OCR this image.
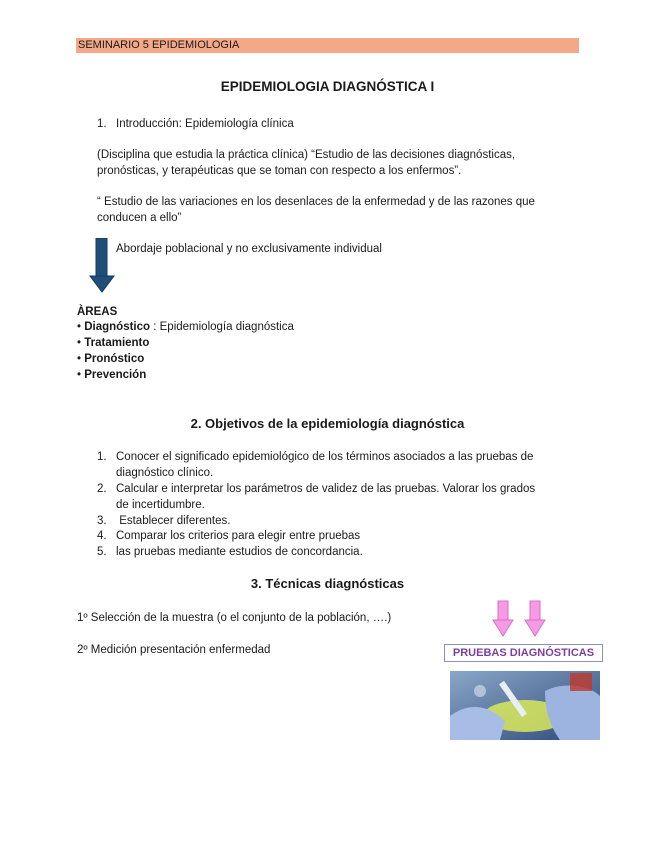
SEMINARIO 5 EPIDEMIOLOGIA
EPIDEMIOLOGIA DIAGNÓSTICA I
1. Introducción: Epidemiología clínica
(Disciplina que estudia la práctica clínica) “Estudio de las decisiones diagnósticas,
pronósticas, y terapéuticas que se toman con respecto a los enfermos”.
“ Estudio de las variaciones en los desenlaces de la enfermedad y de las razones que
conducen a ello”
Abordaje poblacional y no exclusivamente individual
ÀREAS
• Diagnóstico : Epidemiología diagnóstica
• Tratamiento
• Pronóstico
• Prevención
2. Objetivos de la epidemiología diagnóstica
1. Conocer el significado epidemiológico de los términos asociados a las pruebas de
diagnóstico clínico.
2. Calcular e interpretar los parámetros de validez de las pruebas. Valorar los grados
de incertidumbre.
3. Establecer diferentes.
4. Comparar los criterios para elegir entre pruebas
5. las pruebas mediante estudios de concordancia.
3. Técnicas diagnósticas
1º Selección de la muestra (o el conjunto de la población, ….)
2º Medición presentación enfermedad	PRUEBAS DIAGNÓSTICAS
